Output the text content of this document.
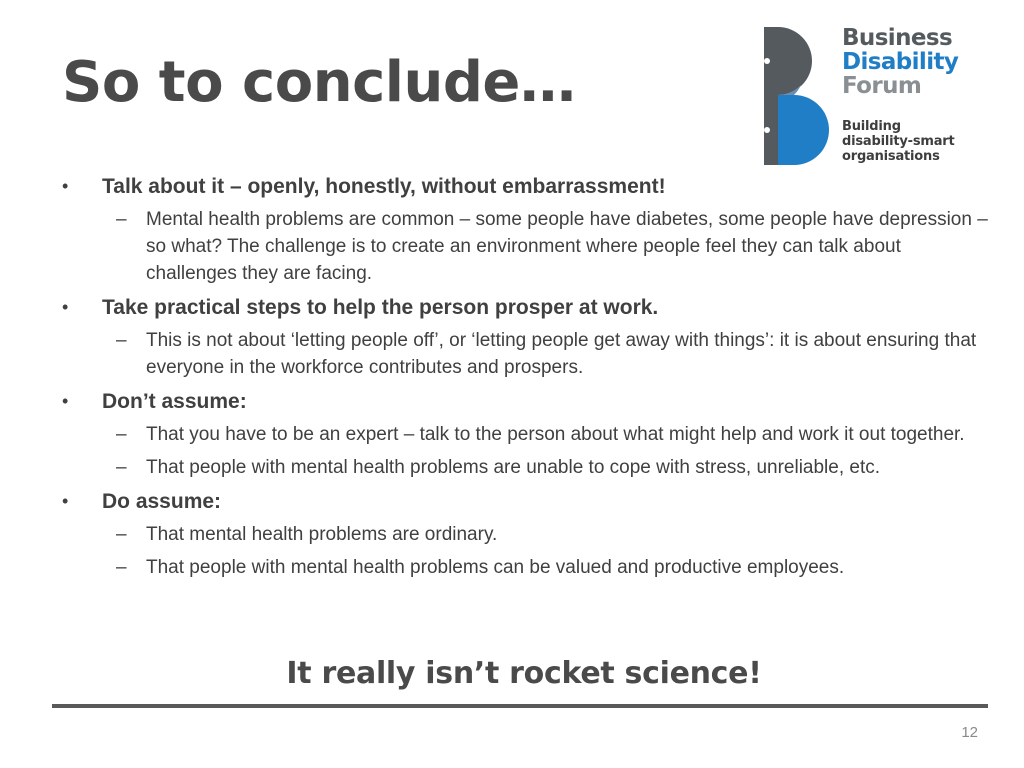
So to conclude…
Business
Disability
Forum
Building
disability-smart
organisations
• Talk about it – openly, honestly, without embarrassment!
– Mental health problems are common – some people have diabetes, some people have depression – so what? The challenge is to create an environment where people feel they can talk about challenges they are facing.
• Take practical steps to help the person prosper at work.
– This is not about ‘letting people off’, or ‘letting people get away with things’: it is about ensuring that everyone in the workforce contributes and prospers.
• Don’t assume:
– That you have to be an expert – talk to the person about what might help and work it out together.
– That people with mental health problems are unable to cope with stress, unreliable, etc.
• Do assume:
– That mental health problems are ordinary.
– That people with mental health problems can be valued and productive employees.
It really isn’t rocket science!
12
